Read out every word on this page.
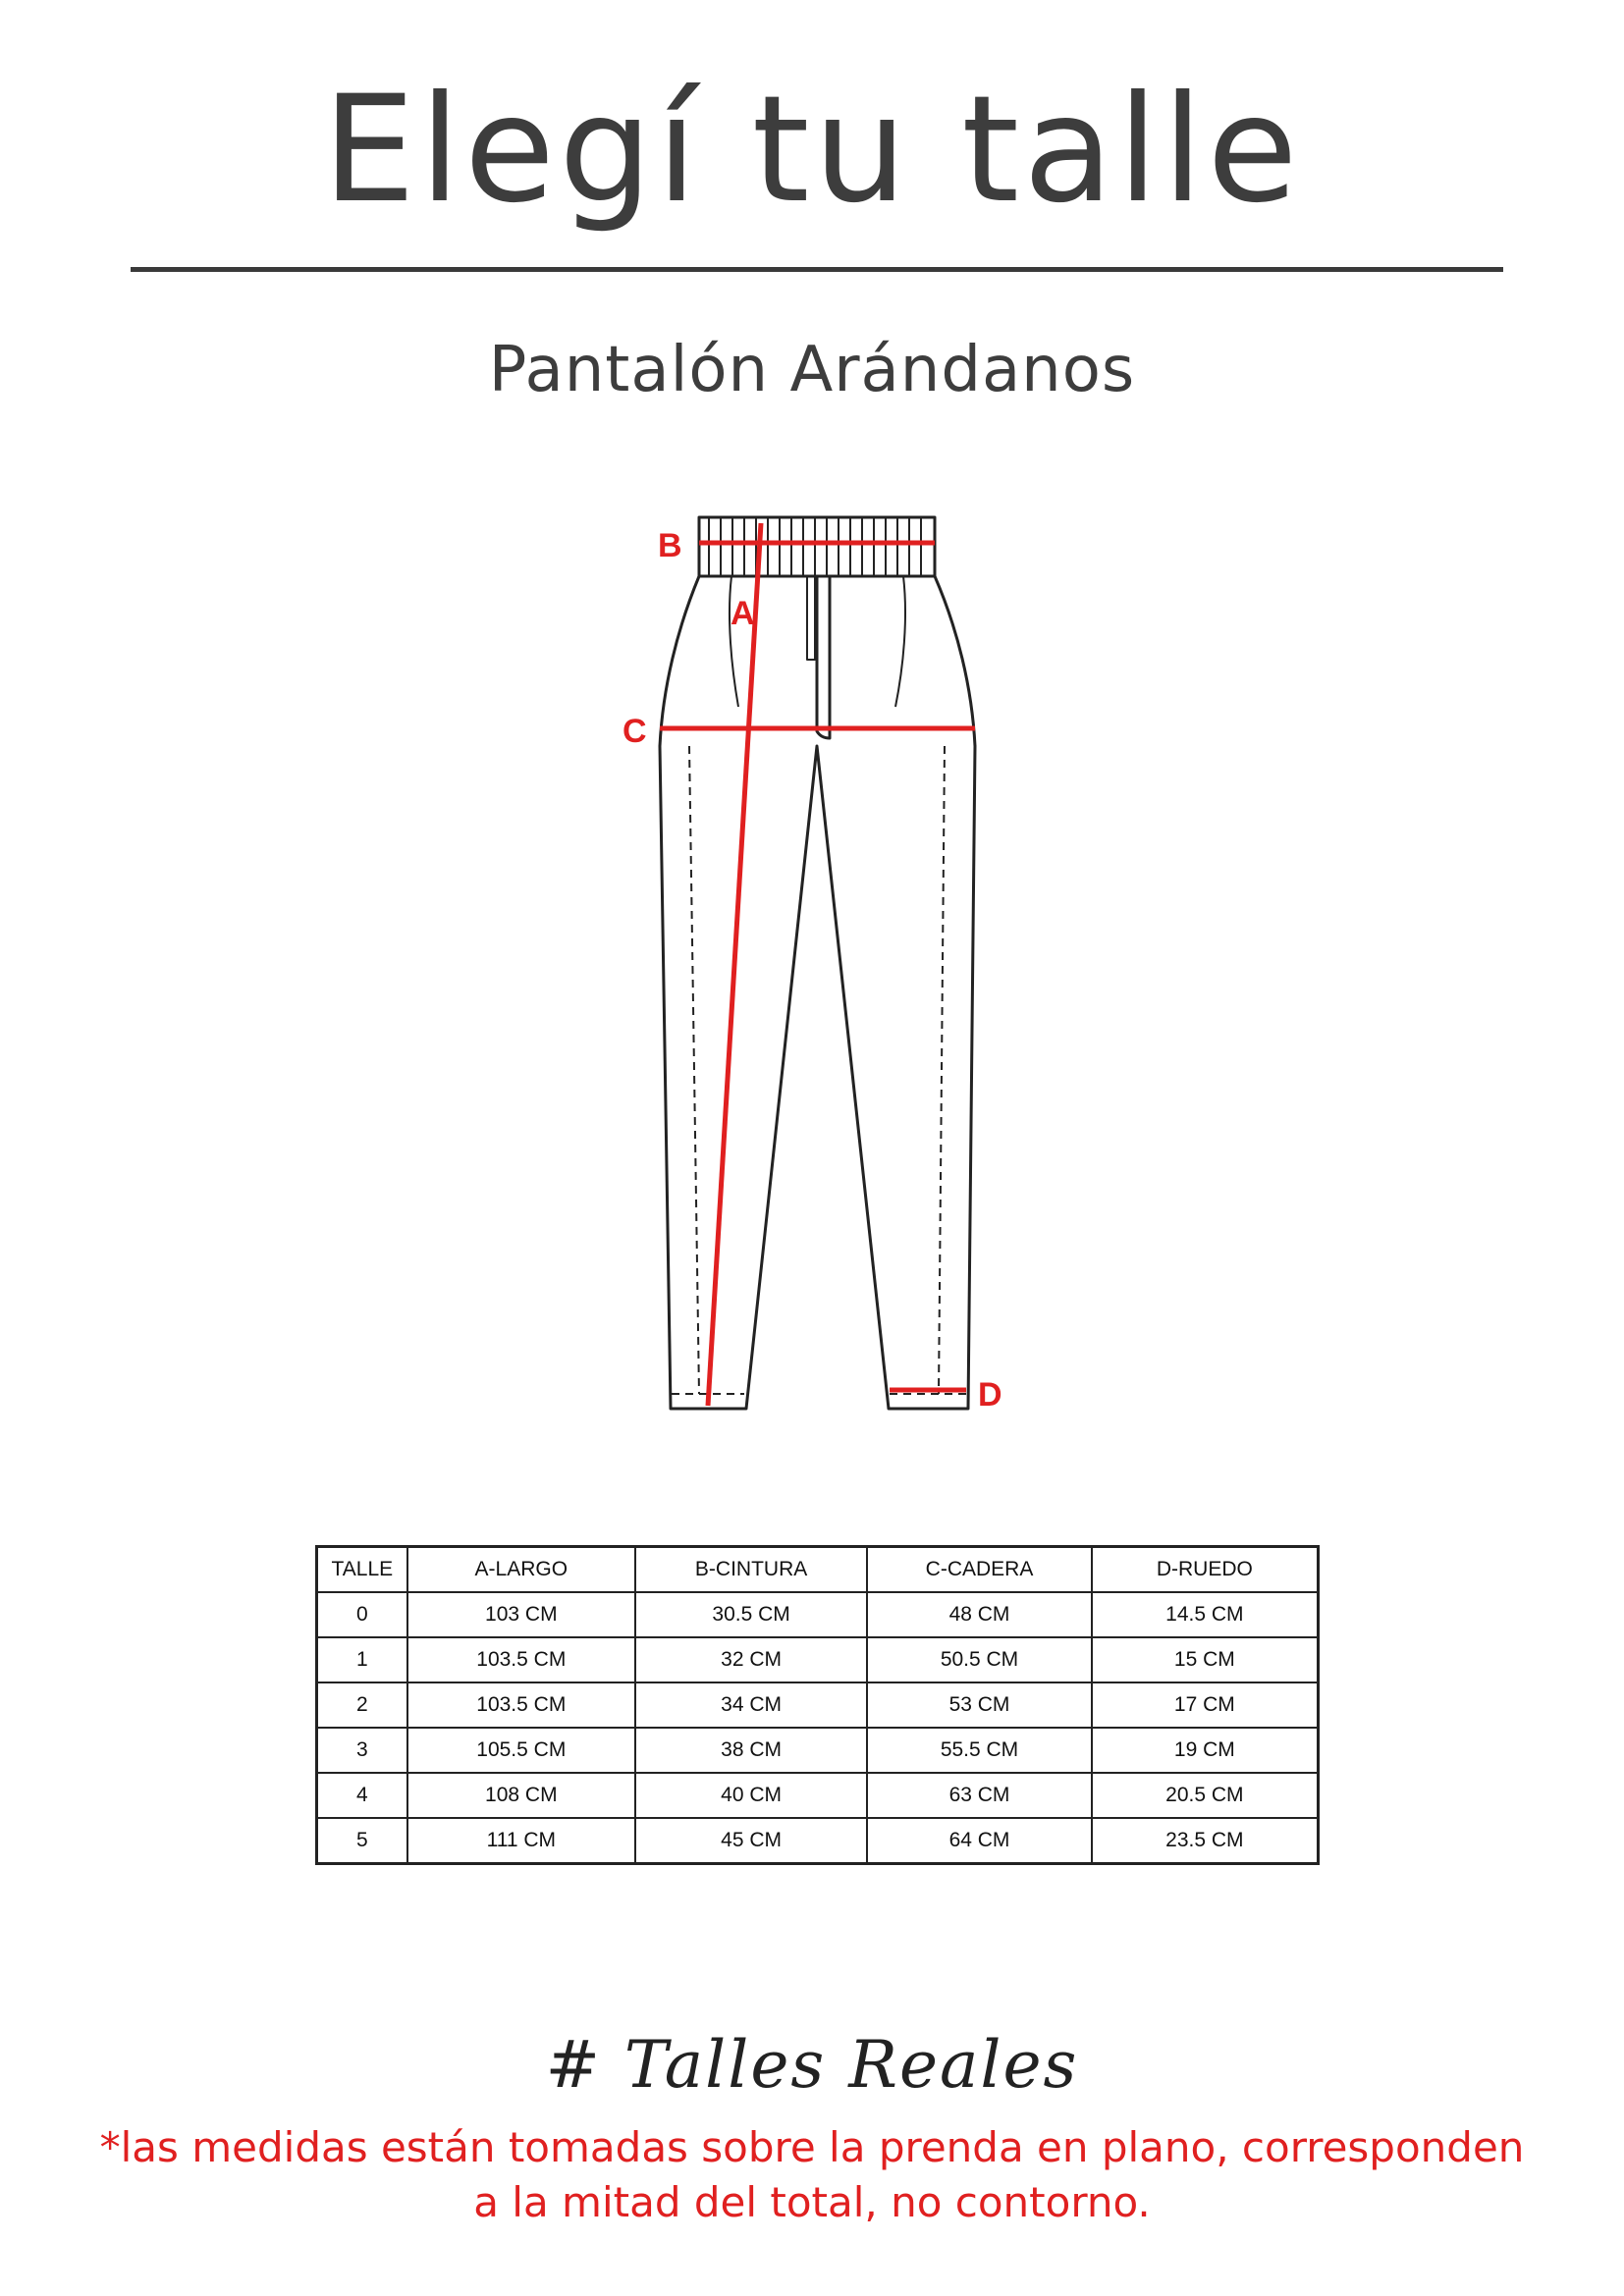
Elegí tu talle
Pantalón Arándanos
B
A
C
D
TALLE	A-LARGO	B-CINTURA	C-CADERA	D-RUEDO
0	103 CM	30.5 CM	48 CM	14.5 CM
1	103.5 CM	32 CM	50.5 CM	15 CM
2	103.5 CM	34 CM	53 CM	17 CM
3	105.5 CM	38 CM	55.5 CM	19 CM
4	108 CM	40 CM	63 CM	20.5 CM
5	111 CM	45 CM	64 CM	23.5 CM
# Talles Reales
*las medidas están tomadas sobre la prenda en plano, corresponden a la mitad del total, no contorno.
